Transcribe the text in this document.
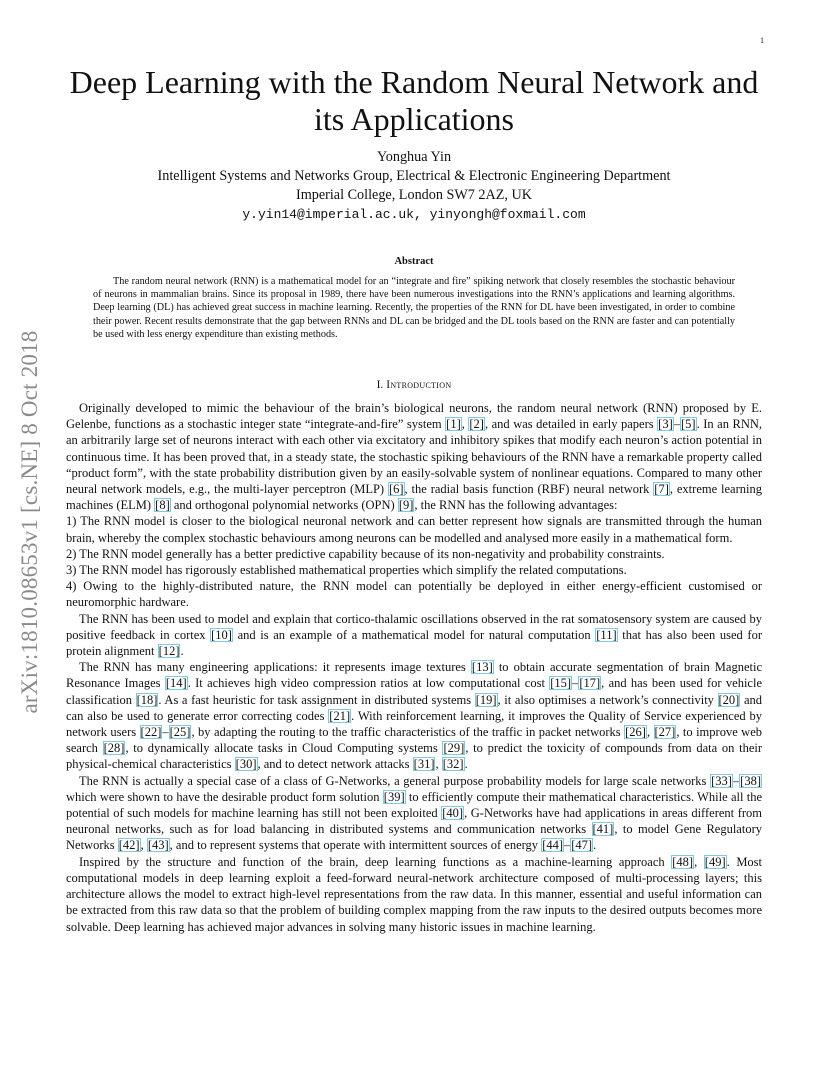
1
arXiv:1810.08653v1 [cs.NE] 8 Oct 2018
Deep Learning with the Random Neural Network and its Applications
Yonghua Yin
Intelligent Systems and Networks Group, Electrical & Electronic Engineering Department
Imperial College, London SW7 2AZ, UK
y.yin14@imperial.ac.uk, yinyongh@foxmail.com
Abstract

The random neural network (RNN) is a mathematical model for an “integrate and fire” spiking network that closely resembles the stochastic behaviour of neurons in mammalian brains. Since its proposal in 1989, there have been numerous investigations into the RNN’s applications and learning algorithms. Deep learning (DL) has achieved great success in machine learning. Recently, the properties of the RNN for DL have been investigated, in order to combine their power. Recent results demonstrate that the gap between RNNs and DL can be bridged and the DL tools based on the RNN are faster and can potentially be used with less energy expenditure than existing methods.

I. Introduction

Originally developed to mimic the behaviour of the brain’s biological neurons, the random neural network (RNN) proposed by E. Gelenbe, functions as a stochastic integer state “integrate-and-fire” system [1], [2], and was detailed in early papers [3]–[5]. In an RNN, an arbitrarily large set of neurons interact with each other via excitatory and inhibitory spikes that modify each neuron’s action potential in continuous time. It has been proved that, in a steady state, the stochastic spiking behaviours of the RNN have a remarkable property called “product form”, with the state probability distribution given by an easily-solvable system of nonlinear equations. Compared to many other neural network models, e.g., the multi-layer perceptron (MLP) [6], the radial basis function (RBF) neural network [7], extreme learning machines (ELM) [8] and orthogonal polynomial networks (OPN) [9], the RNN has the following advantages:

1) The RNN model is closer to the biological neuronal network and can better represent how signals are transmitted through the human brain, whereby the complex stochastic behaviours among neurons can be modelled and analysed more easily in a mathematical form.

2) The RNN model generally has a better predictive capability because of its non-negativity and probability constraints.

3) The RNN model has rigorously established mathematical properties which simplify the related computations.

4) Owing to the highly-distributed nature, the RNN model can potentially be deployed in either energy-efficient customised or neuromorphic hardware.

The RNN has been used to model and explain that cortico-thalamic oscillations observed in the rat somatosensory system are caused by positive feedback in cortex [10] and is an example of a mathematical model for natural computation [11] that has also been used for protein alignment [12].

The RNN has many engineering applications: it represents image textures [13] to obtain accurate segmentation of brain Magnetic Resonance Images [14]. It achieves high video compression ratios at low computational cost [15]–[17], and has been used for vehicle classification [18]. As a fast heuristic for task assignment in distributed systems [19], it also optimises a network’s connectivity [20] and can also be used to generate error correcting codes [21]. With reinforcement learning, it improves the Quality of Service experienced by network users [22]–[25], by adapting the routing to the traffic characteristics of the traffic in packet networks [26], [27], to improve web search [28], to dynamically allocate tasks in Cloud Computing systems [29], to predict the toxicity of compounds from data on their physical-chemical characteristics [30], and to detect network attacks [31], [32].

The RNN is actually a special case of a class of G-Networks, a general purpose probability models for large scale networks [33]–[38] which were shown to have the desirable product form solution [39] to efficiently compute their mathematical characteristics. While all the potential of such models for machine learning has still not been exploited [40], G-Networks have had applications in areas different from neuronal networks, such as for load balancing in distributed systems and communication networks [41], to model Gene Regulatory Networks [42], [43], and to represent systems that operate with intermittent sources of energy [44]–[47].

Inspired by the structure and function of the brain, deep learning functions as a machine-learning approach [48], [49]. Most computational models in deep learning exploit a feed-forward neural-network architecture composed of multi-processing layers; this architecture allows the model to extract high-level representations from the raw data. In this manner, essential and useful information can be extracted from this raw data so that the problem of building complex mapping from the raw inputs to the desired outputs becomes more solvable. Deep learning has achieved major advances in solving many historic issues in machine learning.
